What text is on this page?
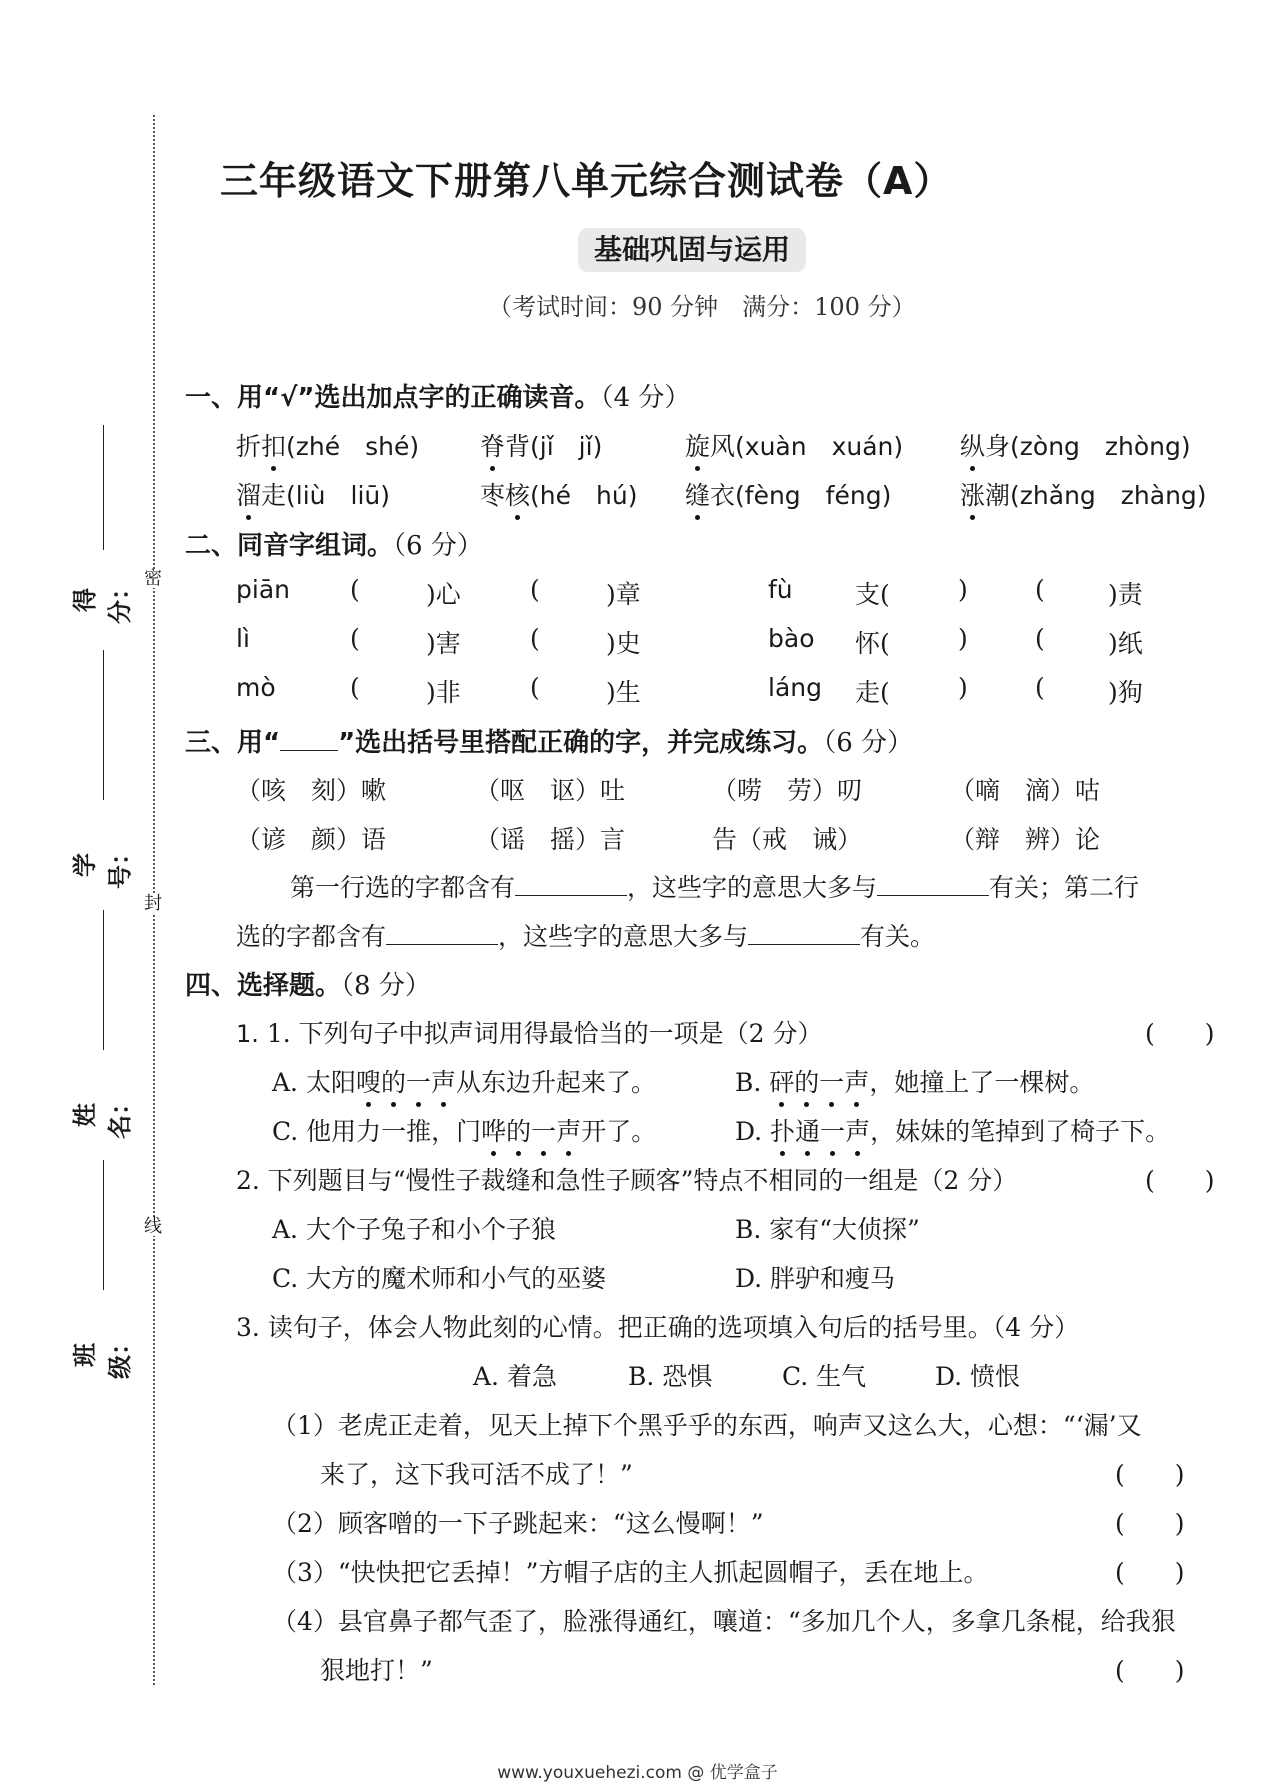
密
封
线
得分：
学号：
姓名：
班级：
三年级语文下册第八单元综合测试卷（A）
基础巩固与运用
（考试时间：90 分钟　满分：100 分）
一、用“√”选出加点字的正确读音。（4 分）
折扣(zhé　shé) 脊背(jǐ　jǐ)	旋风(xuàn　xuán) 纵身(zòng　zhòng)
溜走(liù　liū)	枣核(hé　hú) 缝衣(fèng　féng)	涨潮(zhǎng　zhàng)
二、同音字组词。（6 分）
piān (	)心	(	)章	fù 支(	)	(	)责
lì	(	)害	(	)史	bào 怀(	)	(	)纸
mò	(	)非	(	)生	láng 走(	)	(	)狗
三、用“ ”选出括号里搭配正确的字，并完成练习。（6 分）
（咳　刻）嗽	（呕　讴）吐	（唠　劳）叨	（嘀　滴）咕
（谚　颜）语	（谣　摇）言	告（戒　诫）	（辩　辨）论
第一行选的字都含有	，这些字的意思大多与	有关；第二行
选的字都含有	，这些字的意思大多与	有关。
四、选择题。（8 分）
1. 1. 下列句子中拟声词用得最恰当的一项是（2 分）	(　　)
A. 太阳嗖的一声从东边升起来了。	B. 砰的一声，她撞上了一棵树。
C. 他用力一推，门哗的一声开了。	D. 扑通一声，妹妹的笔掉到了椅子下。
2. 下列题目与“慢性子裁缝和急性子顾客”特点不相同的一组是（2 分）	(　　)
A. 大个子兔子和小个子狼	B. 家有“大侦探”
C. 大方的魔术师和小气的巫婆	D. 胖驴和瘦马
3. 读句子，体会人物此刻的心情。把正确的选项填入句后的括号里。（4 分）
A. 着急	B. 恐惧	C. 生气	D. 愤恨
（1）老虎正走着，见天上掉下个黑乎乎的东西，响声又这么大，心想：“‘漏’又
来了，这下我可活不成了！”	(　　)
（2）顾客噌的一下子跳起来：“这么慢啊！”	(　　)
（3）“快快把它丢掉！”方帽子店的主人抓起圆帽子，丢在地上。	(　　)
（4）县官鼻子都气歪了，脸涨得通红，嚷道：“多加几个人，多拿几条棍，给我狠
狠地打！”	(　　)
www.youxuehezi.com @ 优学盒子
